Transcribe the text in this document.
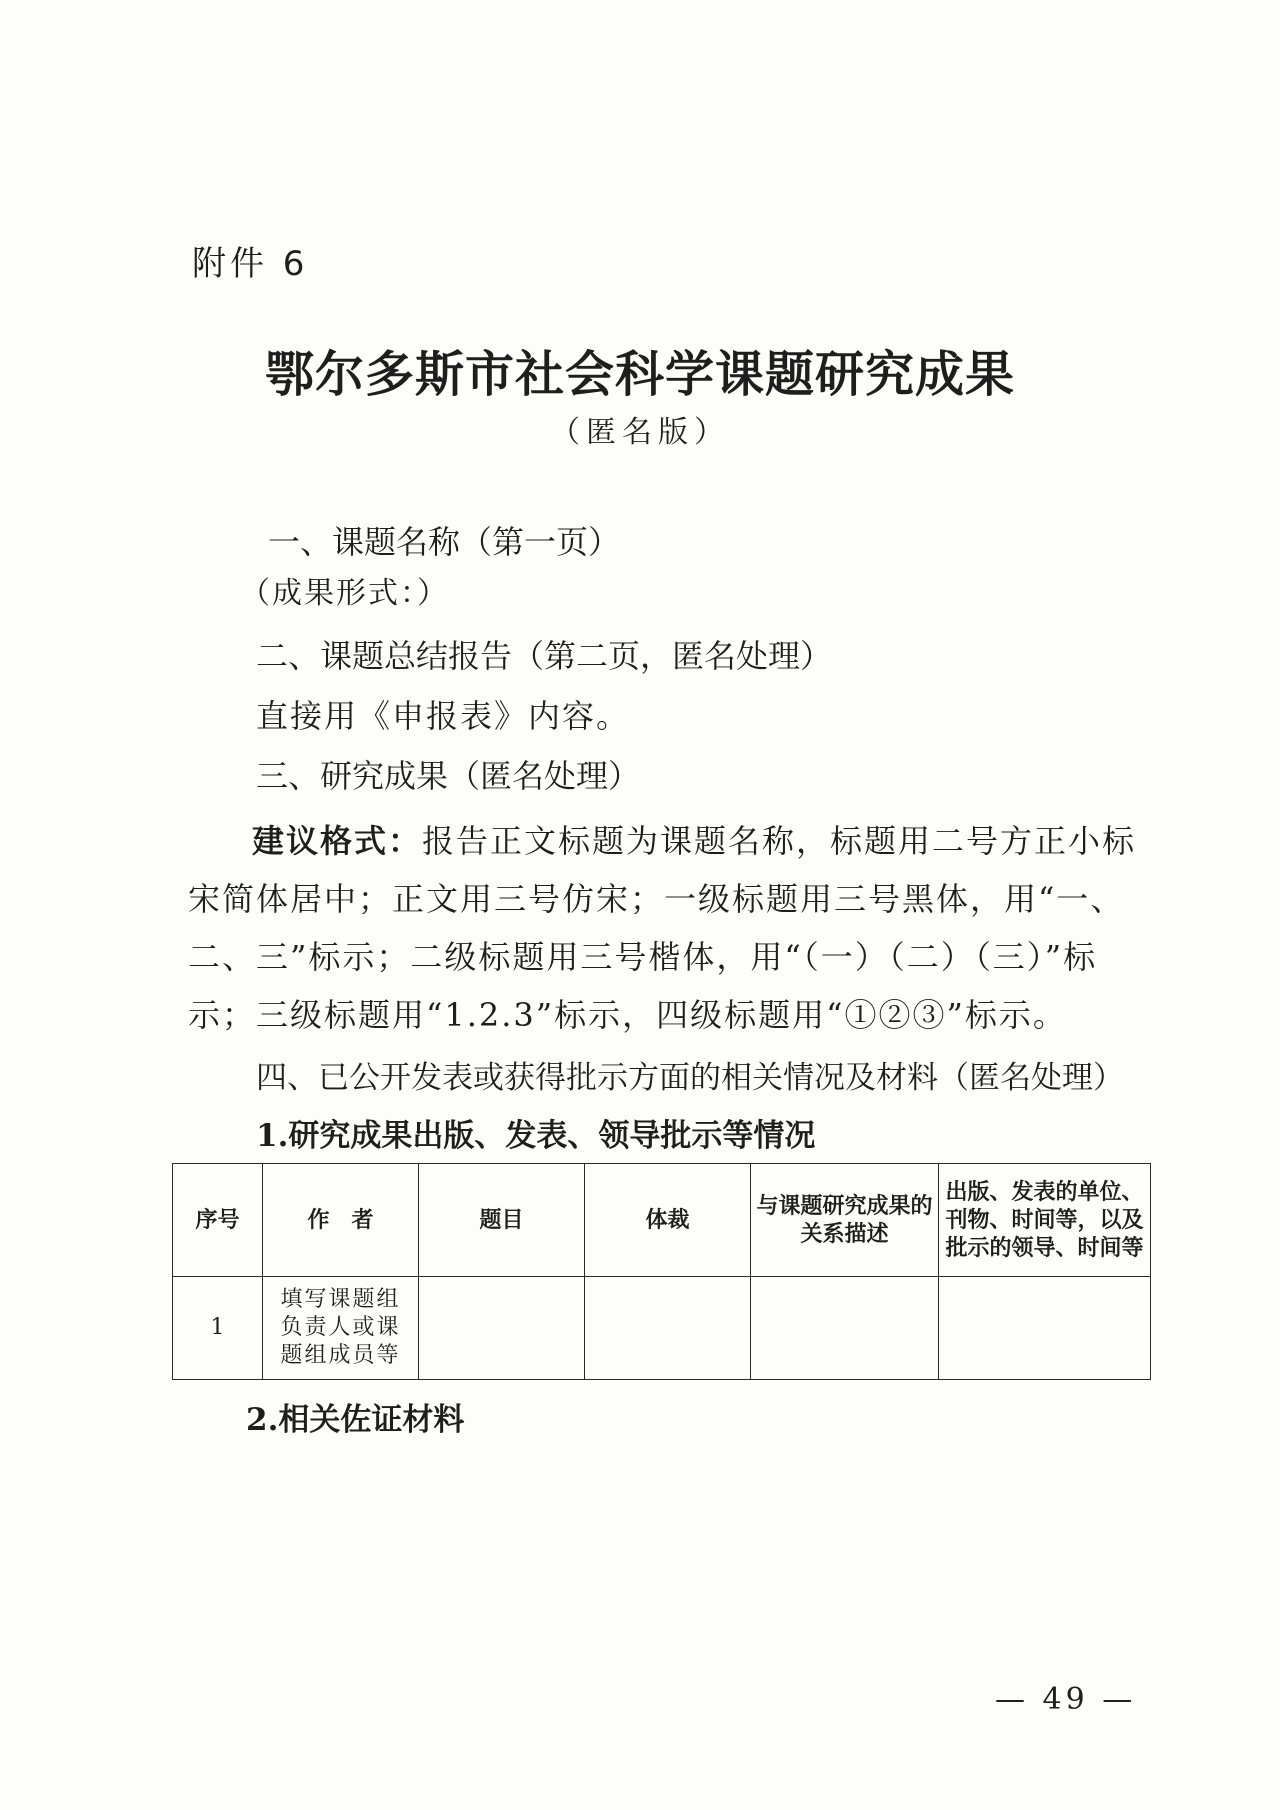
附件 6
鄂尔多斯市社会科学课题研究成果
（匿名版）
一、课题名称（第一页）
（成果形式：）
二、课题总结报告（第二页，匿名处理）
直接用《申报表》内容。
三、研究成果（匿名处理）
建议格式：报告正文标题为课题名称，标题用二号方正小标宋简体居中；正文用三号仿宋；一级标题用三号黑体，用“一、二、三”标示；二级标题用三号楷体，用“（一）（二）（三）”标示；三级标题用“1.2.3”标示，四级标题用“①②③”标示。
四、已公开发表或获得批示方面的相关情况及材料（匿名处理）
1.研究成果出版、发表、领导批示等情况
序号	作　者	题目	体裁	与课题研究成果的关系描述	出版、发表的单位、刊物、时间等，以及批示的领导、时间等
1	填写课题组负责人或课题组成员等				
2.相关佐证材料
— 49 —
